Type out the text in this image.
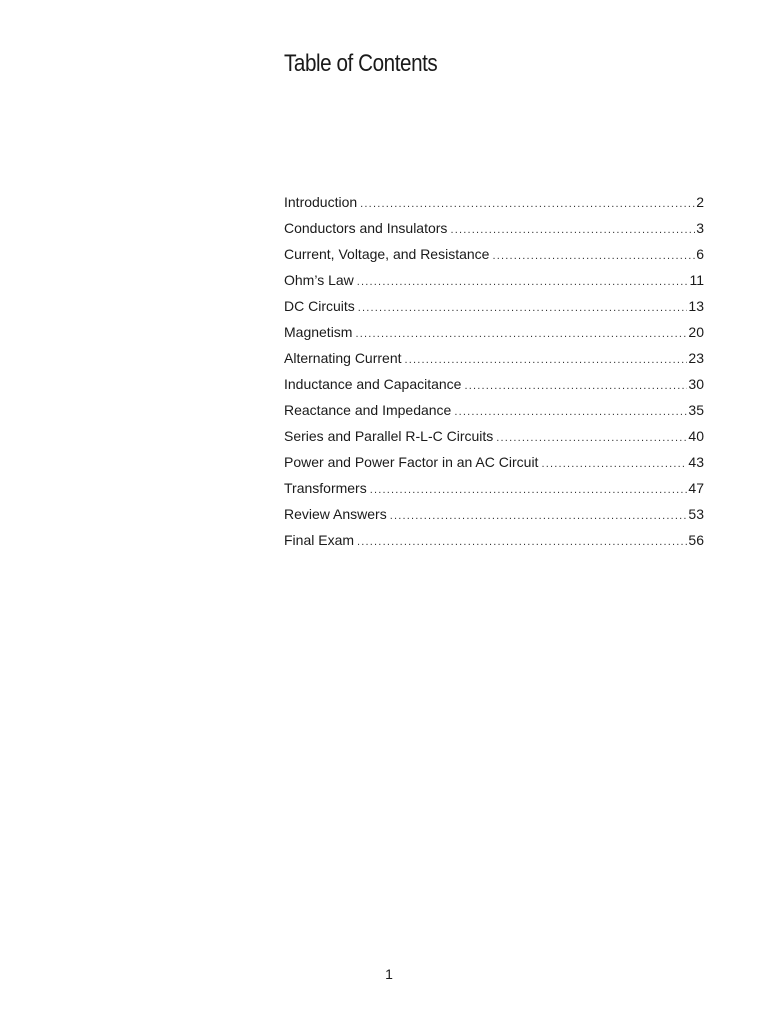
Table of Contents
Introduction .....	2
Conductors and Insulators .....	3
Current, Voltage, and Resistance .....	6
Ohm’s Law .....	11
DC Circuits .....	13
Magnetism .....	20
Alternating Current .....	23
Inductance and Capacitance .....	30
Reactance and Impedance .....	35
Series and Parallel R-L-C Circuits .....	40
Power and Power Factor in an AC Circuit .....	43
Transformers .....	47
Review Answers .....	53
Final Exam .....	56
1
